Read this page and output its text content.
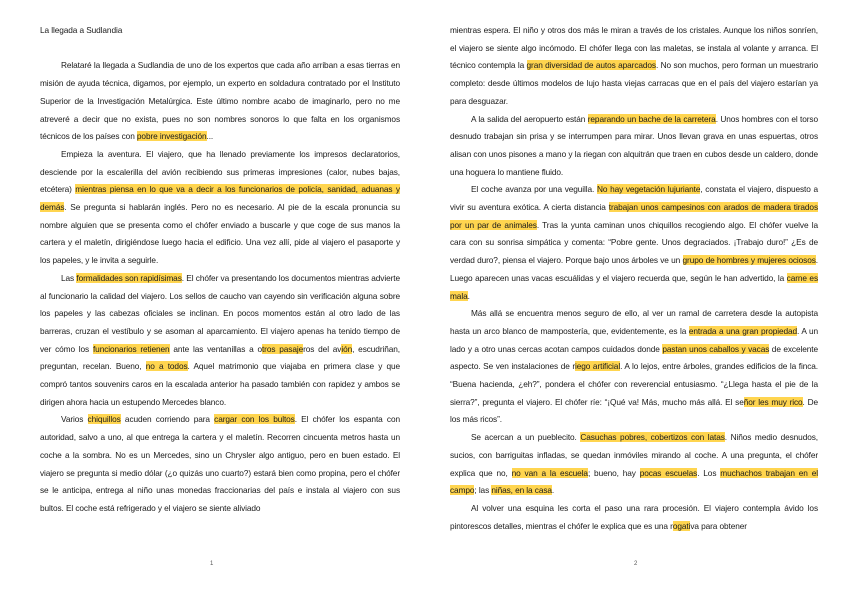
La llegada a Sudlandia

Relataré la llegada a Sudlandia de uno de los expertos que cada año arriban a esas tierras en misión de ayuda técnica, digamos, por ejemplo, un experto en soldadura contratado por el Instituto Superior de la Investigación Metalúrgica. Este último nombre acabo de imaginarlo, pero no me atreveré a decir que no exista, pues no son nombres sonoros lo que falta en los organismos técnicos de los países con pobre investigación...

Empieza la aventura. El viajero, que ha llenado previamente los impresos declaratorios, desciende por la escalerilla del avión recibiendo sus primeras impresiones (calor, nubes bajas, etcétera) mientras piensa en lo que va a decir a los funcionarios de policía, sanidad, aduanas y demás. Se pregunta si hablarán inglés. Pero no es necesario. Al pie de la escala pronuncia su nombre alguien que se presenta como el chófer enviado a buscarle y que coge de sus manos la cartera y el maletín, dirigiéndose luego hacia el edificio. Una vez allí, pide al viajero el pasaporte y los papeles, y le invita a seguirle.

Las formalidades son rapidísimas. El chófer va presentando los documentos mientras advierte al funcionario la calidad del viajero. Los sellos de caucho van cayendo sin verificación alguna sobre los papeles y las cabezas oficiales se inclinan. En pocos momentos están al otro lado de las barreras, cruzan el vestíbulo y se asoman al aparcamiento. El viajero apenas ha tenido tiempo de ver cómo los funcionarios retienen ante las ventanillas a otros pasajeros del avión, escudriñan, preguntan, recelan. Bueno, no a todos. Aquel matrimonio que viajaba en primera clase y que compró tantos souvenirs caros en la escalada anterior ha pasado también con rapidez y ambos se dirigen ahora hacia un estupendo Mercedes blanco.

Varios chiquillos acuden corriendo para cargar con los bultos. El chófer los espanta con autoridad, salvo a uno, al que entrega la cartera y el maletín. Recorren cincuenta metros hasta un coche a la sombra. No es un Mercedes, sino un Chrysler algo antiguo, pero en buen estado. El viajero se pregunta si medio dólar (¿o quizás uno cuarto?) estará bien como propina, pero el chófer se le anticipa, entrega al niño unas monedas fraccionarias del país e instala al viajero con sus bultos. El coche está refrigerado y el viajero se siente aliviado

1

mientras espera. El niño y otros dos más le miran a través de los cristales. Aunque los niños sonríen, el viajero se siente algo incómodo. El chófer llega con las maletas, se instala al volante y arranca. El técnico contempla la gran diversidad de autos aparcados. No son muchos, pero forman un muestrario completo: desde últimos modelos de lujo hasta viejas carracas que en el país del viajero estarían ya para desguazar.

A la salida del aeropuerto están reparando un bache de la carretera. Unos hombres con el torso desnudo trabajan sin prisa y se interrumpen para mirar. Unos llevan grava en unas espuertas, otros alisan con unos pisones a mano y la riegan con alquitrán que traen en cubos desde un caldero, donde una hoguera lo mantiene fluido.

El coche avanza por una veguilla. No hay vegetación lujuriante, constata el viajero, dispuesto a vivir su aventura exótica. A cierta distancia trabajan unos campesinos con arados de madera tirados por un par de animales. Tras la yunta caminan unos chiquillos recogiendo algo. El chófer vuelve la cara con su sonrisa simpática y comenta: “Pobre gente. Unos degraciados. ¡Trabajo duro!” ¿Es de verdad duro?, piensa el viajero. Porque bajo unos árboles ve un grupo de hombres y mujeres ociosos. Luego aparecen unas vacas escuálidas y el viajero recuerda que, según le han advertido, la carne es mala.

Más allá se encuentra menos seguro de ello, al ver un ramal de carretera desde la autopista hasta un arco blanco de mampostería, que, evidentemente, es la entrada a una gran propiedad. A un lado y a otro unas cercas acotan campos cuidados donde pastan unos caballos y vacas de excelente aspecto. Se ven instalaciones de riego artificial. A lo lejos, entre árboles, grandes edificios de la finca. “Buena hacienda, ¿eh?”, pondera el chófer con reverencial entusiasmo. “¿Llega hasta el pie de la sierra?”, pregunta el viajero. El chófer ríe: “¡Qué va! Más, mucho más allá. El señor les muy rico. De los más ricos”.

Se acercan a un pueblecito. Casuchas pobres, cobertizos con latas. Niños medio desnudos, sucios, con barriguitas infladas, se quedan inmóviles mirando al coche. A una pregunta, el chófer explica que no, no van a la escuela; bueno, hay pocas escuelas. Los muchachos trabajan en el campo; las niñas, en la casa.

Al volver una esquina les corta el paso una rara procesión. El viajero contempla ávido los pintorescos detalles, mientras el chófer le explica que es una rogativa para obtener

2
